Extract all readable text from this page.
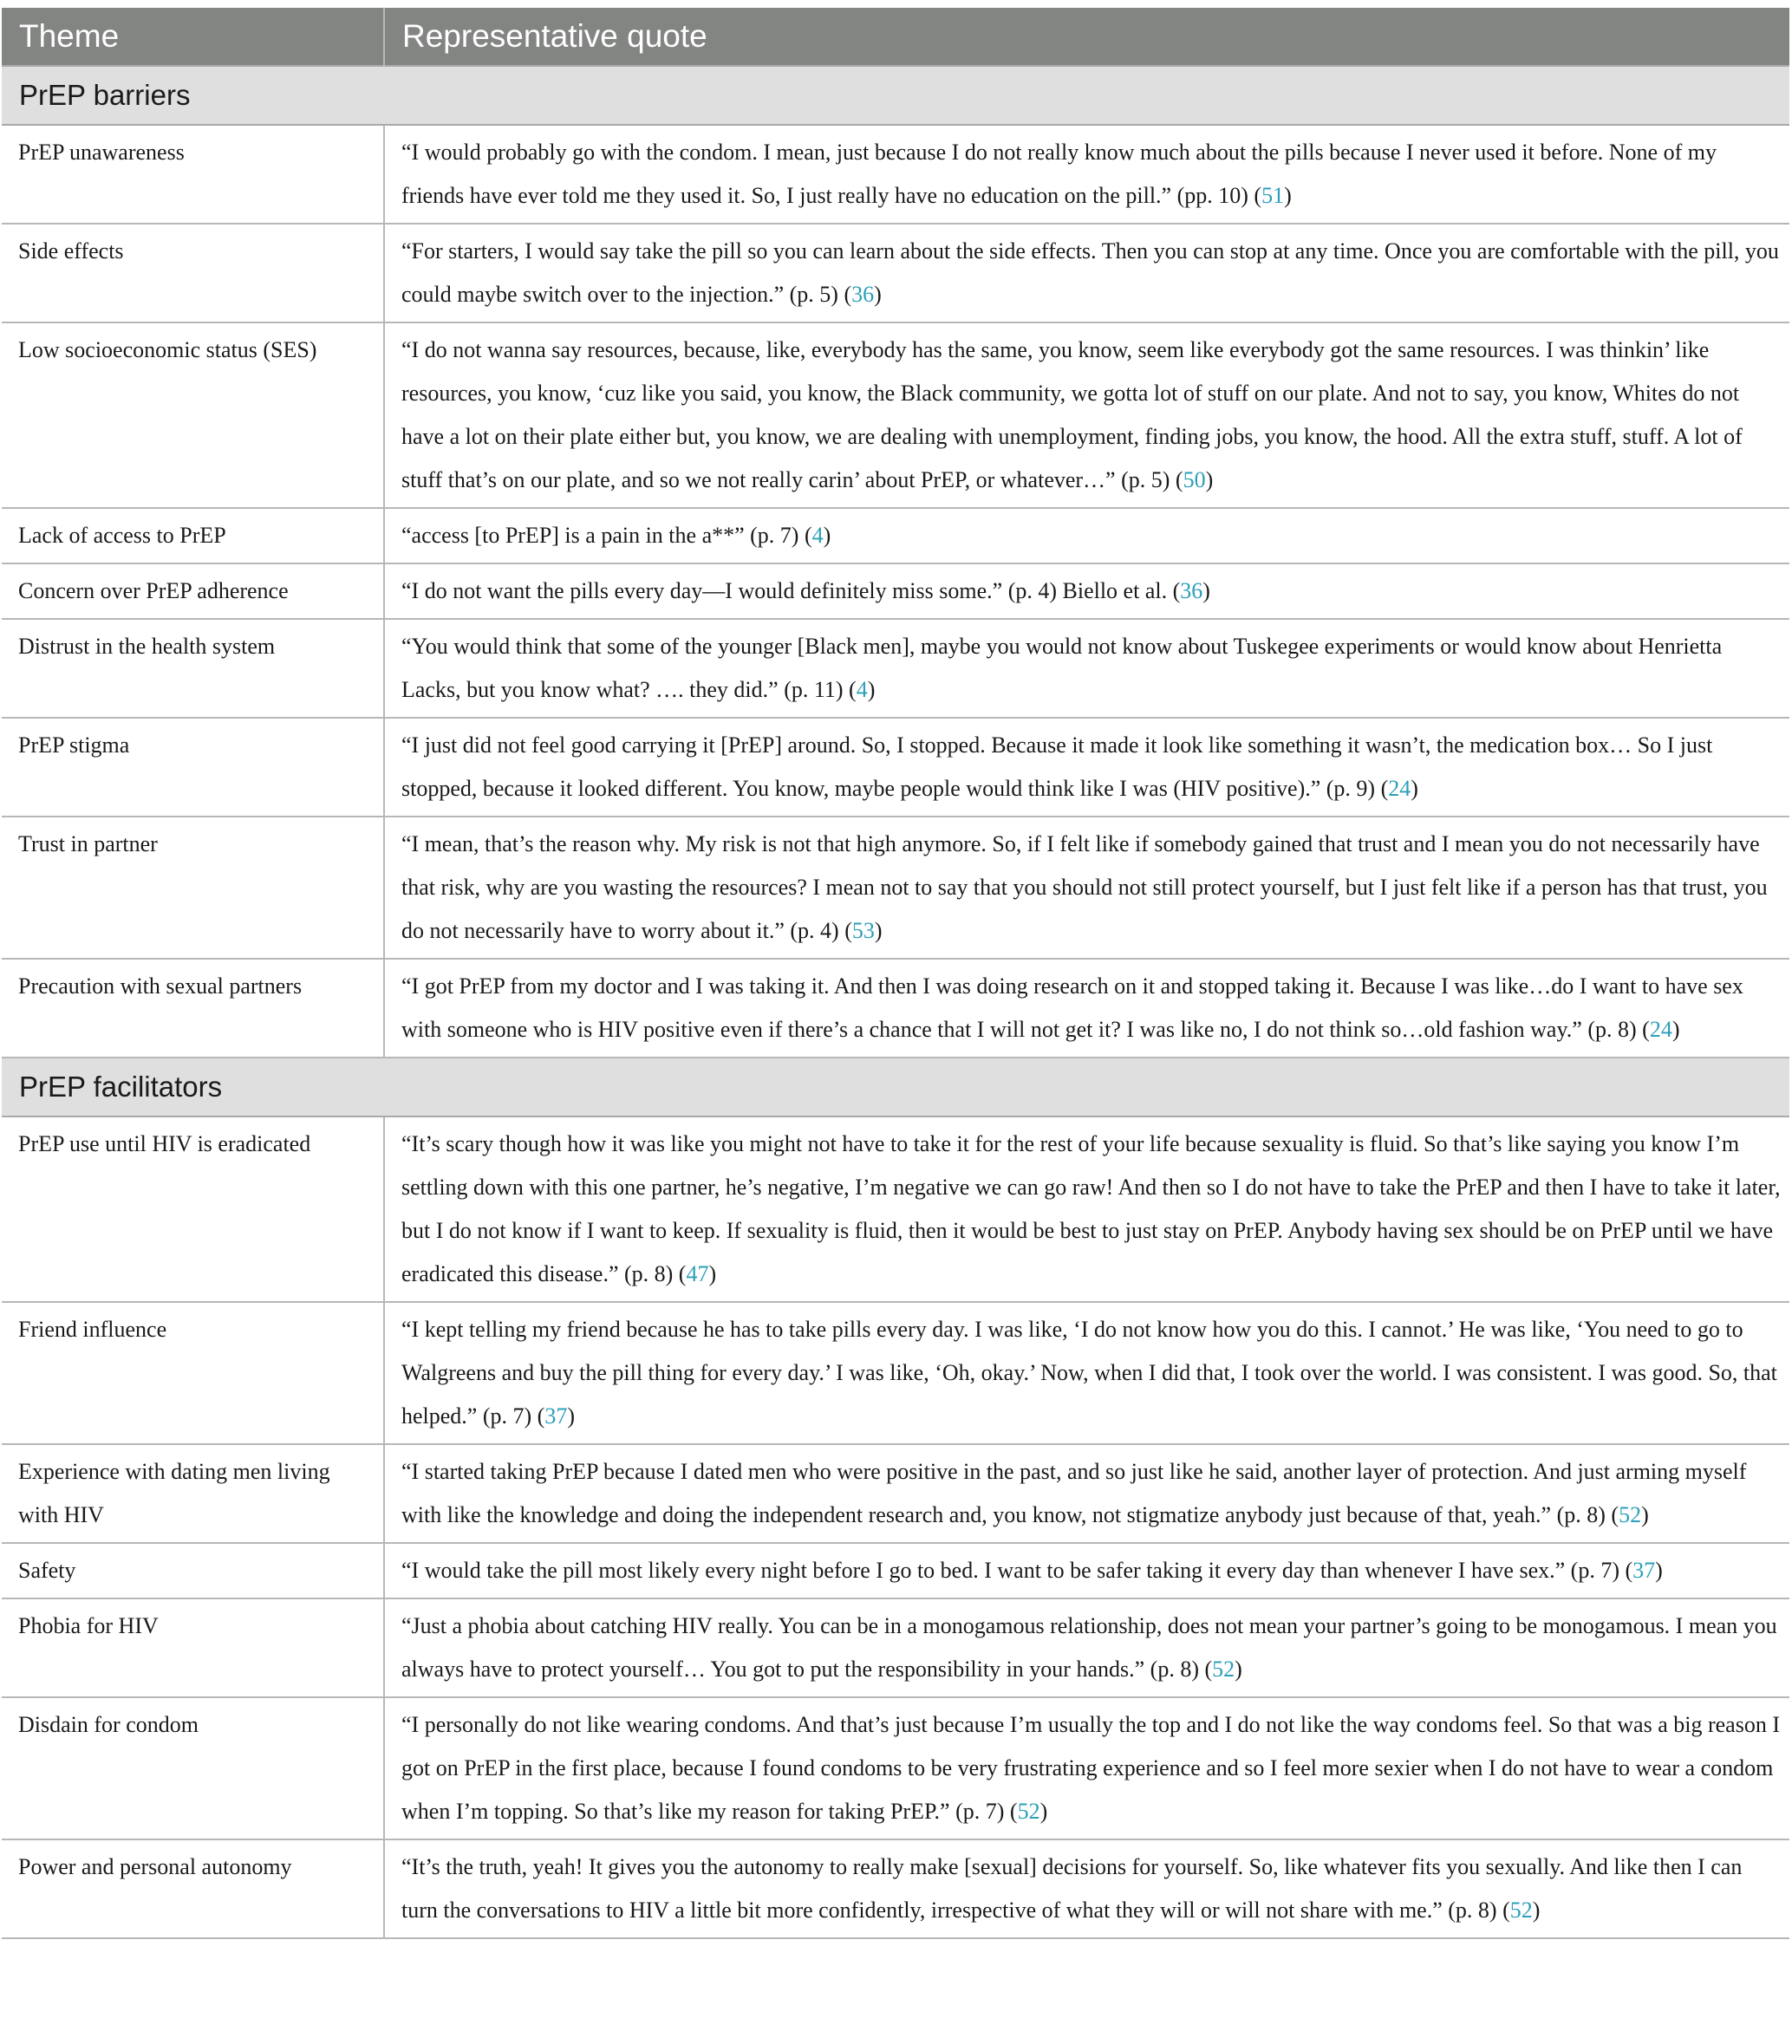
Theme	Representative quote
PrEP barriers	
PrEP unawareness	“I would probably go with the condom. I mean, just because I do not really know much about the pills because I never used it before. None of my friends have ever told me they used it. So, I just really have no education on the pill.” (pp. 10) (51)
Side effects	“For starters, I would say take the pill so you can learn about the side effects. Then you can stop at any time. Once you are comfortable with the pill, you could maybe switch over to the injection.” (p. 5) (36)
Low socioeconomic status (SES)	“I do not wanna say resources, because, like, everybody has the same, you know, seem like everybody got the same resources. I was thinkin’ like resources, you know, ‘cuz like you said, you know, the Black community, we gotta lot of stuff on our plate. And not to say, you know, Whites do not have a lot on their plate either but, you know, we are dealing with unemployment, finding jobs, you know, the hood. All the extra stuff, stuff. A lot of stuff that’s on our plate, and so we not really carin’ about PrEP, or whatever…” (p. 5) (50)
Lack of access to PrEP	“access [to PrEP] is a pain in the a**” (p. 7) (4)
Concern over PrEP adherence	“I do not want the pills every day—I would definitely miss some.” (p. 4) Biello et al. (36)
Distrust in the health system	“You would think that some of the younger [Black men], maybe you would not know about Tuskegee experiments or would know about Henrietta Lacks, but you know what? …. they did.” (p. 11) (4)
PrEP stigma	“I just did not feel good carrying it [PrEP] around. So, I stopped. Because it made it look like something it wasn’t, the medication box… So I just stopped, because it looked different. You know, maybe people would think like I was (HIV positive).” (p. 9) (24)
Trust in partner	“I mean, that’s the reason why. My risk is not that high anymore. So, if I felt like if somebody gained that trust and I mean you do not necessarily have that risk, why are you wasting the resources? I mean not to say that you should not still protect yourself, but I just felt like if a person has that trust, you do not necessarily have to worry about it.” (p. 4) (53)
Precaution with sexual partners	“I got PrEP from my doctor and I was taking it. And then I was doing research on it and stopped taking it. Because I was like…do I want to have sex with someone who is HIV positive even if there’s a chance that I will not get it? I was like no, I do not think so…old fashion way.” (p. 8) (24)
PrEP facilitators	
PrEP use until HIV is eradicated	“It’s scary though how it was like you might not have to take it for the rest of your life because sexuality is fluid. So that’s like saying you know I’m settling down with this one partner, he’s negative, I’m negative we can go raw! And then so I do not have to take the PrEP and then I have to take it later, but I do not know if I want to keep. If sexuality is fluid, then it would be best to just stay on PrEP. Anybody having sex should be on PrEP until we have eradicated this disease.” (p. 8) (47)
Friend influence	“I kept telling my friend because he has to take pills every day. I was like, ‘I do not know how you do this. I cannot.’ He was like, ‘You need to go to Walgreens and buy the pill thing for every day.’ I was like, ‘Oh, okay.’ Now, when I did that, I took over the world. I was consistent. I was good. So, that helped.” (p. 7) (37)
Experience with dating men living with HIV	“I started taking PrEP because I dated men who were positive in the past, and so just like he said, another layer of protection. And just arming myself with like the knowledge and doing the independent research and, you know, not stigmatize anybody just because of that, yeah.” (p. 8) (52)
Safety	“I would take the pill most likely every night before I go to bed. I want to be safer taking it every day than whenever I have sex.” (p. 7) (37)
Phobia for HIV	“Just a phobia about catching HIV really. You can be in a monogamous relationship, does not mean your partner’s going to be monogamous. I mean you always have to protect yourself… You got to put the responsibility in your hands.” (p. 8) (52)
Disdain for condom	“I personally do not like wearing condoms. And that’s just because I’m usually the top and I do not like the way condoms feel. So that was a big reason I got on PrEP in the first place, because I found condoms to be very frustrating experience and so I feel more sexier when I do not have to wear a condom when I’m topping. So that’s like my reason for taking PrEP.” (p. 7) (52)
Power and personal autonomy	“It’s the truth, yeah! It gives you the autonomy to really make [sexual] decisions for yourself. So, like whatever fits you sexually. And like then I can turn the conversations to HIV a little bit more confidently, irrespective of what they will or will not share with me.” (p. 8) (52)
